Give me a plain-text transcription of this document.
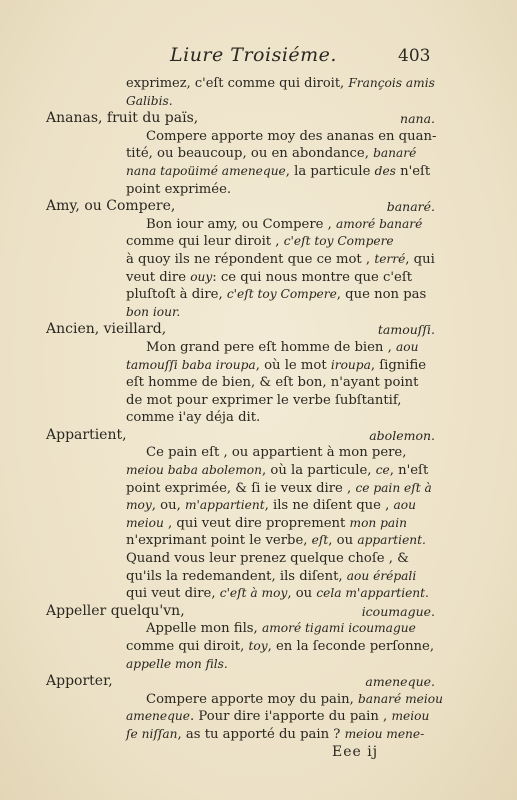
Liure Troisiéme.	403
exprimez, c'eſt comme qui diroit, François amis
Galibis.
Ananas, fruit du païs,	nana.
Compere apporte moy des ananas en quan-
tité, ou beaucoup, ou en abondance, banaré
nana tapoüimé ameneque, la particule des n'eſt
point exprimée.
Amy, ou Compere,	banaré.
Bon iour amy, ou Compere , amoré banaré
comme qui leur diroit , c'eſt toy Compere
à quoy ils ne répondent que ce mot , terré, qui
veut dire ouy: ce qui nous montre que c'eſt
pluſtoſt à dire, c'eſt toy Compere, que non pas
bon iour.
Ancien, vieillard,	tamouſſi.
Mon grand pere eſt homme de bien , aou
tamouſſi baba iroupa, où le mot iroupa, ſignifie
eſt homme de bien, & eſt bon, n'ayant point
de mot pour exprimer le verbe ſubſtantif,
comme i'ay déja dit.
Appartient,	abolemon.
Ce pain eſt , ou appartient à mon pere,
meiou baba abolemon, où la particule, ce, n'eſt
point exprimée, & ſi ie veux dire , ce pain eſt à
moy, ou, m'appartient, ils ne diſent que , aou
meiou , qui veut dire proprement mon pain
n'exprimant point le verbe, eſt, ou appartient.
Quand vous leur prenez quelque choſe , &
qu'ils la redemandent, ils diſent, aou érépali
qui veut dire, c'eſt à moy, ou cela m'appartient.
Appeller quelqu'vn,	icoumague.
Appelle mon fils, amoré tigami icoumague
comme qui diroit, toy, en la ſeconde perſonne,
appelle mon fils.
Apporter,	ameneque.
Compere apporte moy du pain, banaré meiou
ameneque. Pour dire i'apporte du pain , meiou
ſe niſſan, as tu apporté du pain ? meiou mene-
Eee ij
